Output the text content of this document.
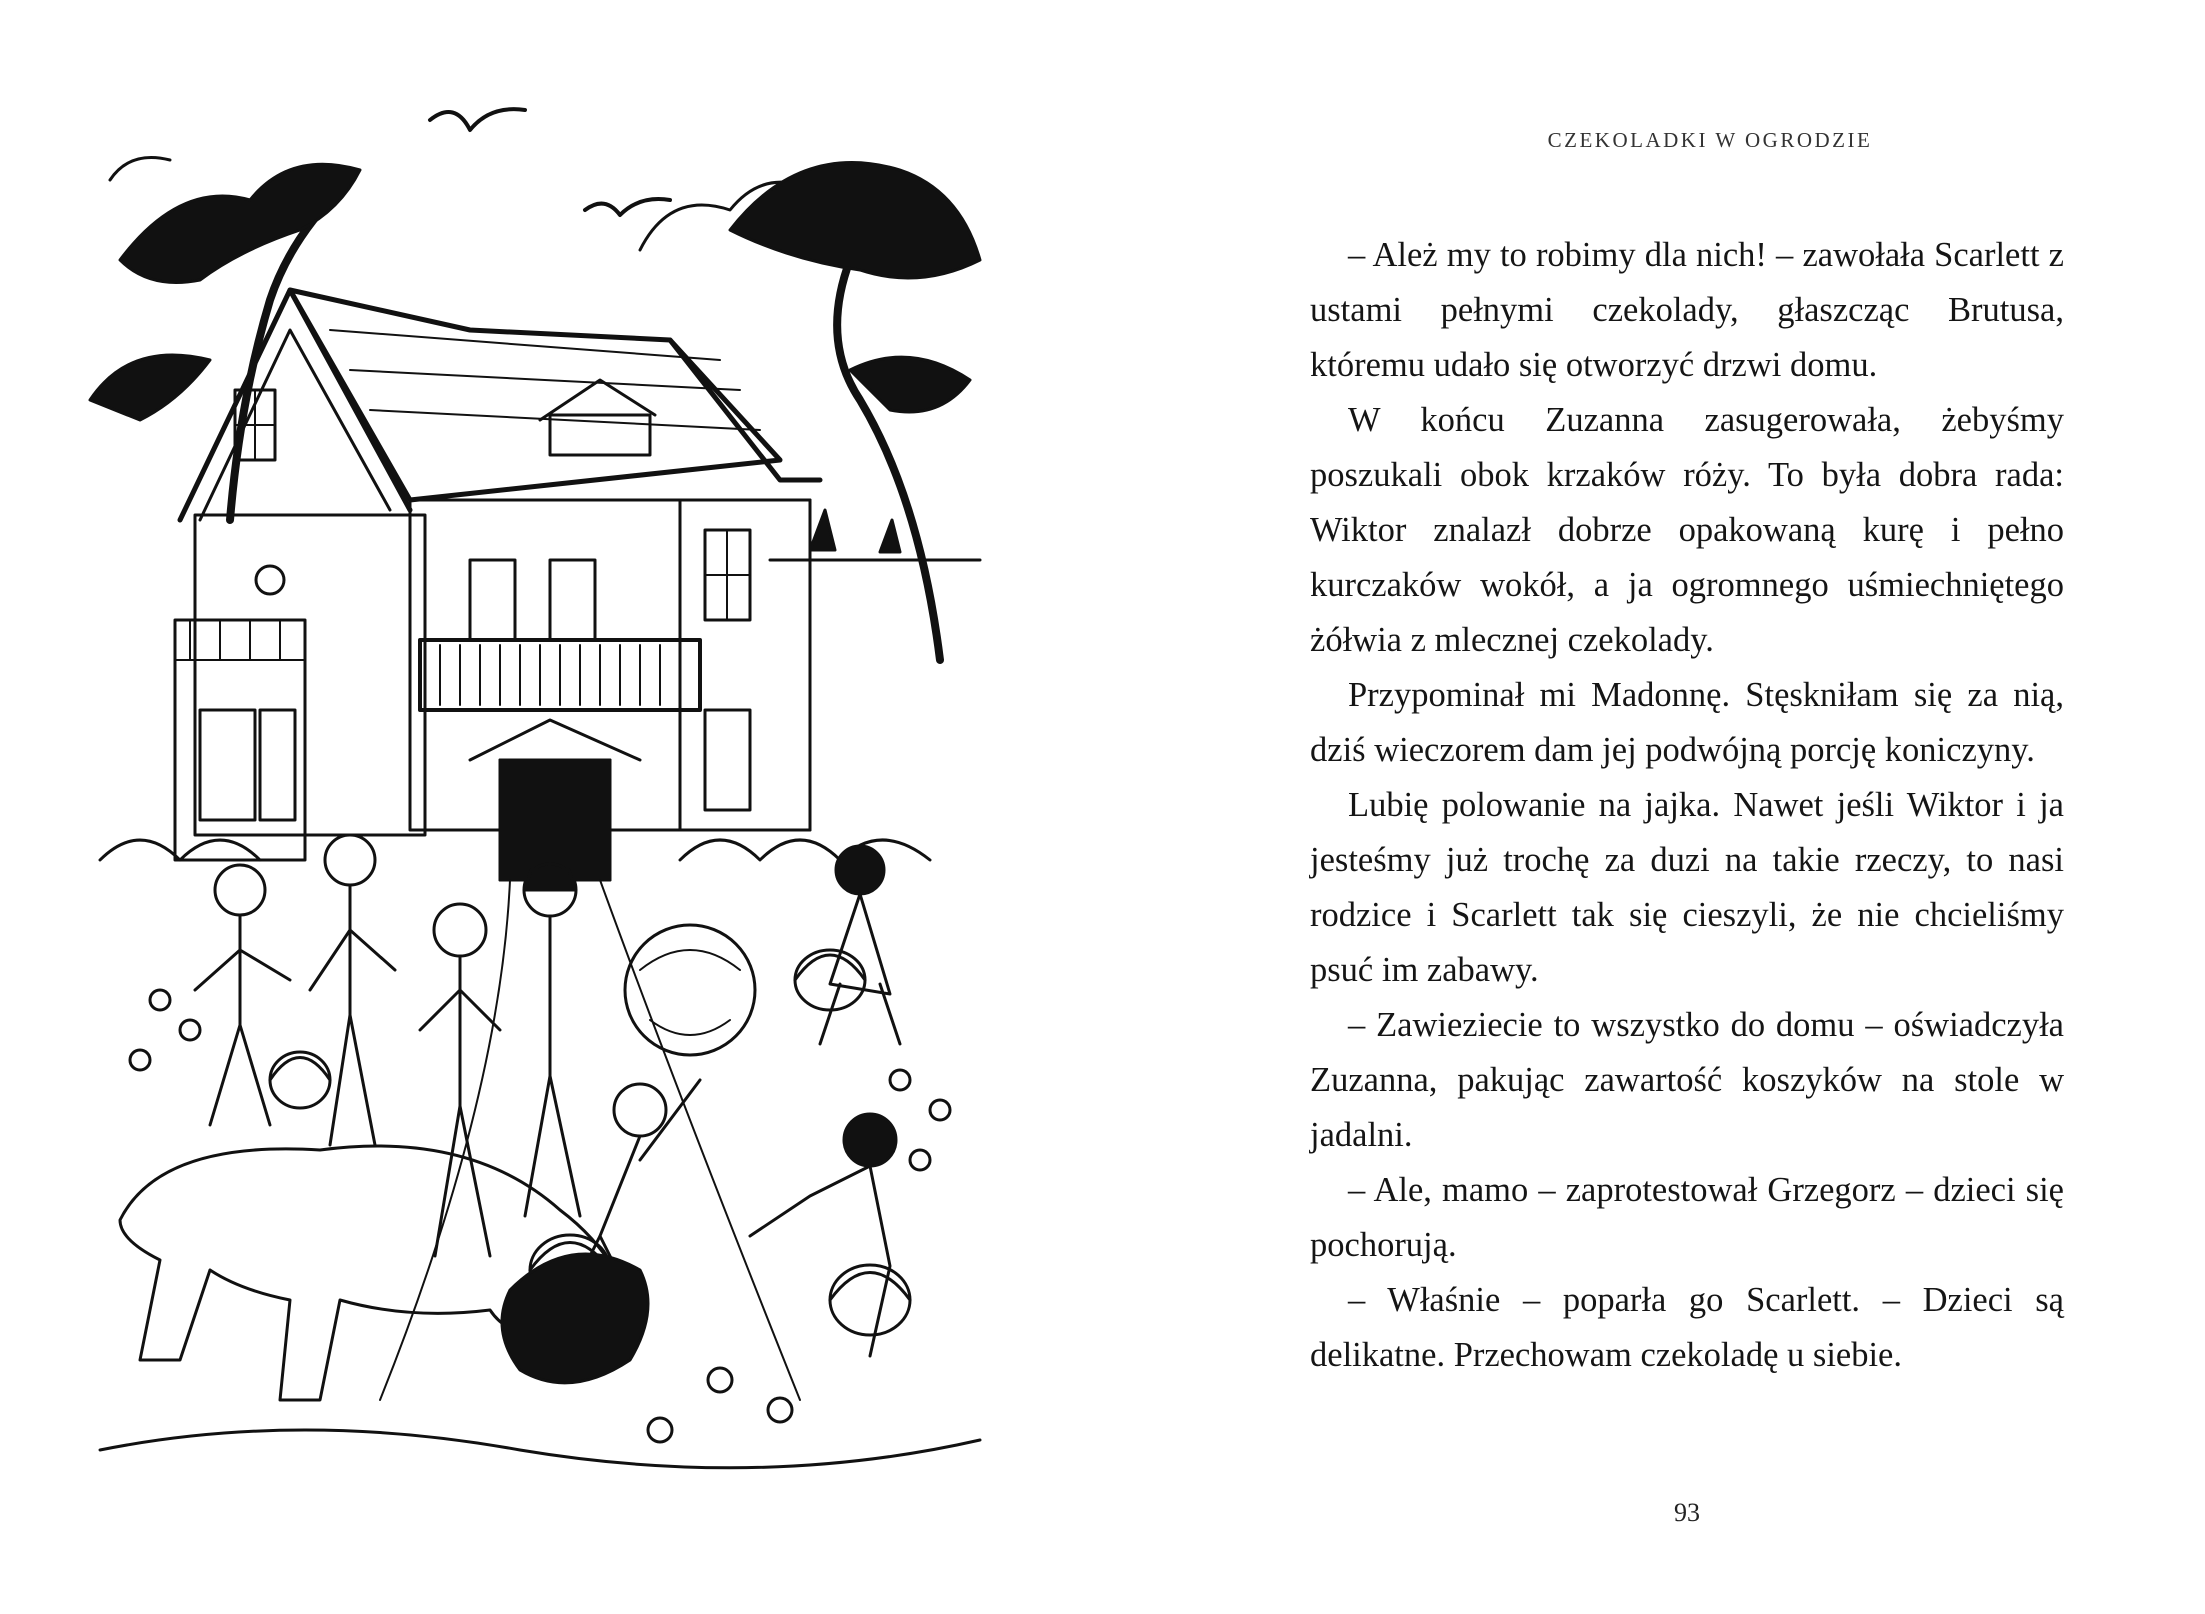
CZEKOLADKI W OGRODZIE

– Ależ my to robimy dla nich! – zawołała Scarlett z ustami pełnymi czekolady, głaszcząc Brutusa, któremu udało się otworzyć drzwi domu.

W końcu Zuzanna zasugerowała, żebyśmy poszukali obok krzaków róży. To była dobra rada: Wiktor znalazł dobrze opakowaną kurę i pełno kurczaków wokół, a ja ogromnego uśmiechniętego żółwia z mlecznej czekolady.

Przypominał mi Madonnę. Stęskniłam się za nią, dziś wieczorem dam jej podwójną porcję koniczyny.

Lubię polowanie na jajka. Nawet jeśli Wiktor i ja jesteśmy już trochę za duzi na takie rzeczy, to nasi rodzice i Scarlett tak się cieszyli, że nie chcieliśmy psuć im zabawy.

– Zawieziecie to wszystko do domu – oświadczyła Zuzanna, pakując zawartość koszyków na stole w jadalni.

– Ale, mamo – zaprotestował Grzegorz – dzieci się pochorują.

– Właśnie – poparła go Scarlett. – Dzieci są delikatne. Przechowam czekoladę u siebie.

93
